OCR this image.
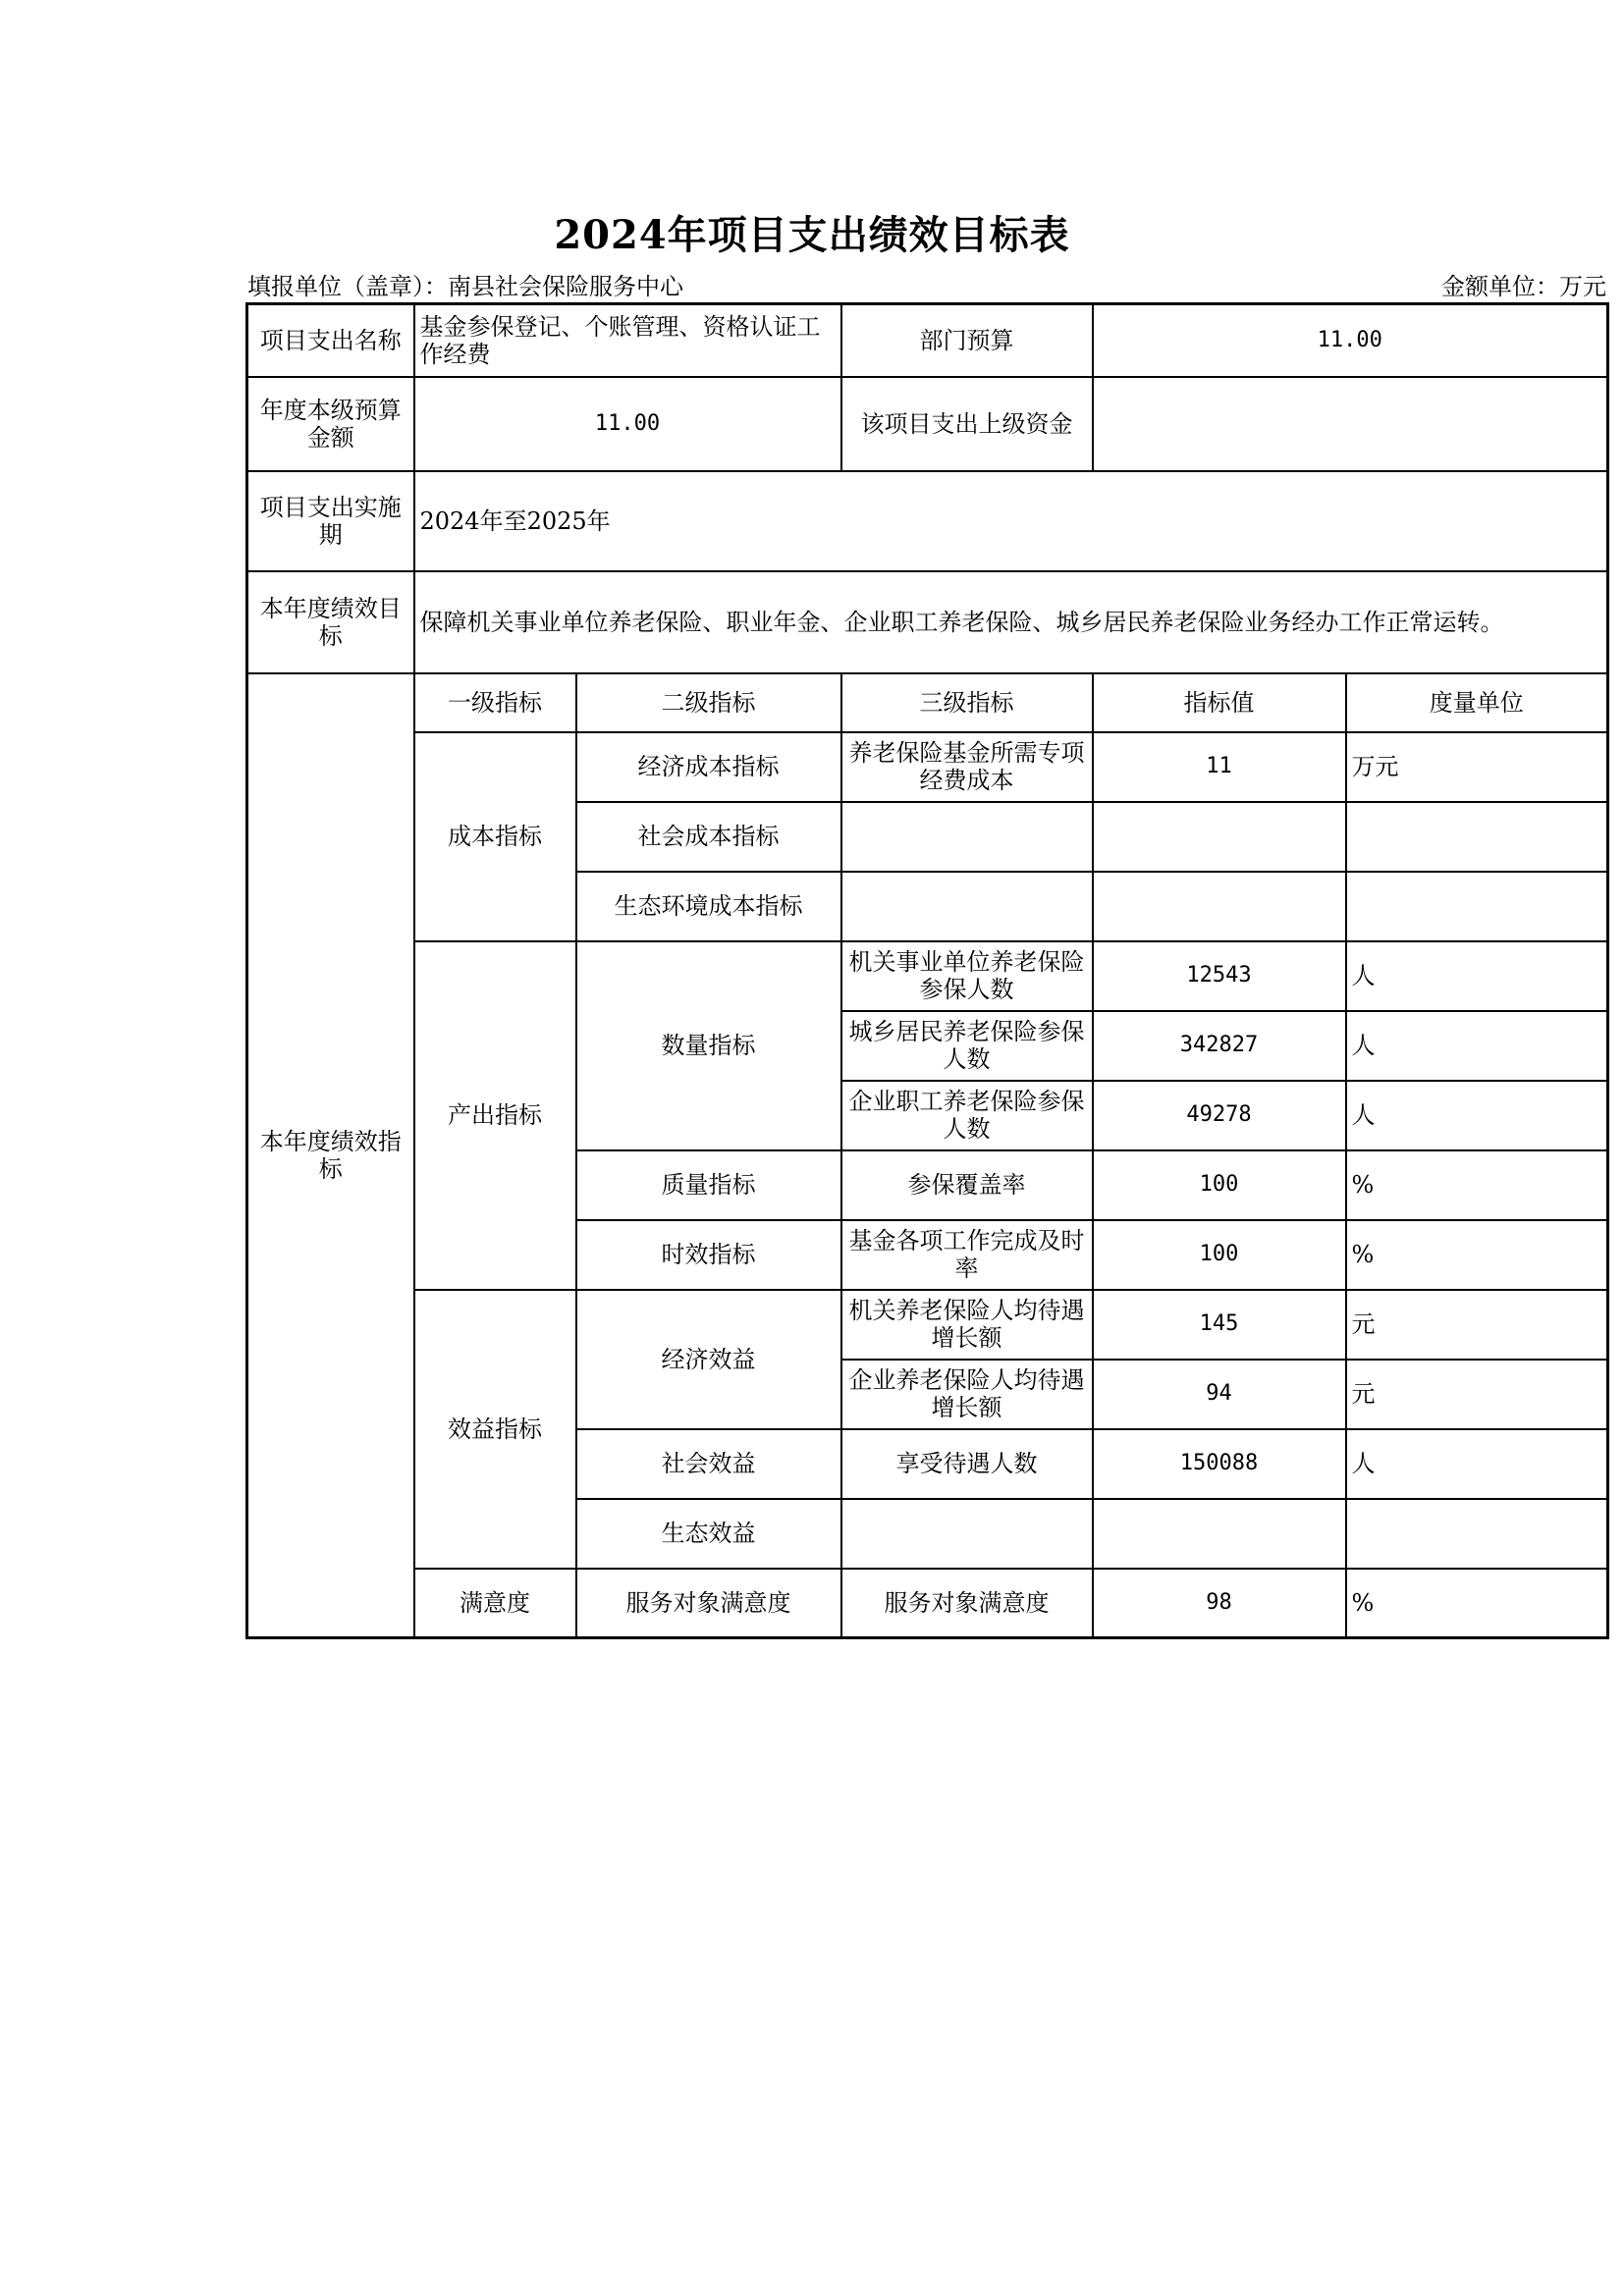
2024年项目支出绩效目标表
填报单位（盖章）：南县社会保险服务中心	金额单位：万元
项目支出名称	基金参保登记、个账管理、资格认证工作经费		部门预算	11.00	
年度本级预算金额	11.00		该项目支出上级资金		
项目支出实施期	2024年至2025年				
本年度绩效目标	保障机关事业单位养老保险、职业年金、企业职工养老保险、城乡居民养老保险业务经办工作正常运转。				
本年度绩效指标	一级指标	二级指标	三级指标	指标值	度量单位
	成本指标	经济成本指标	养老保险基金所需专项经费成本	11	万元
		社会成本指标			
		生态环境成本指标			
	产出指标	数量指标	机关事业单位养老保险参保人数	12543	人
			城乡居民养老保险参保人数	342827	人
			企业职工养老保险参保人数	49278	人
		质量指标	参保覆盖率	100	%
		时效指标	基金各项工作完成及时率	100	%
	效益指标	经济效益	机关养老保险人均待遇增长额	145	元
			企业养老保险人均待遇增长额	94	元
		社会效益	享受待遇人数	150088	人
		生态效益			
	满意度	服务对象满意度	服务对象满意度	98	%
